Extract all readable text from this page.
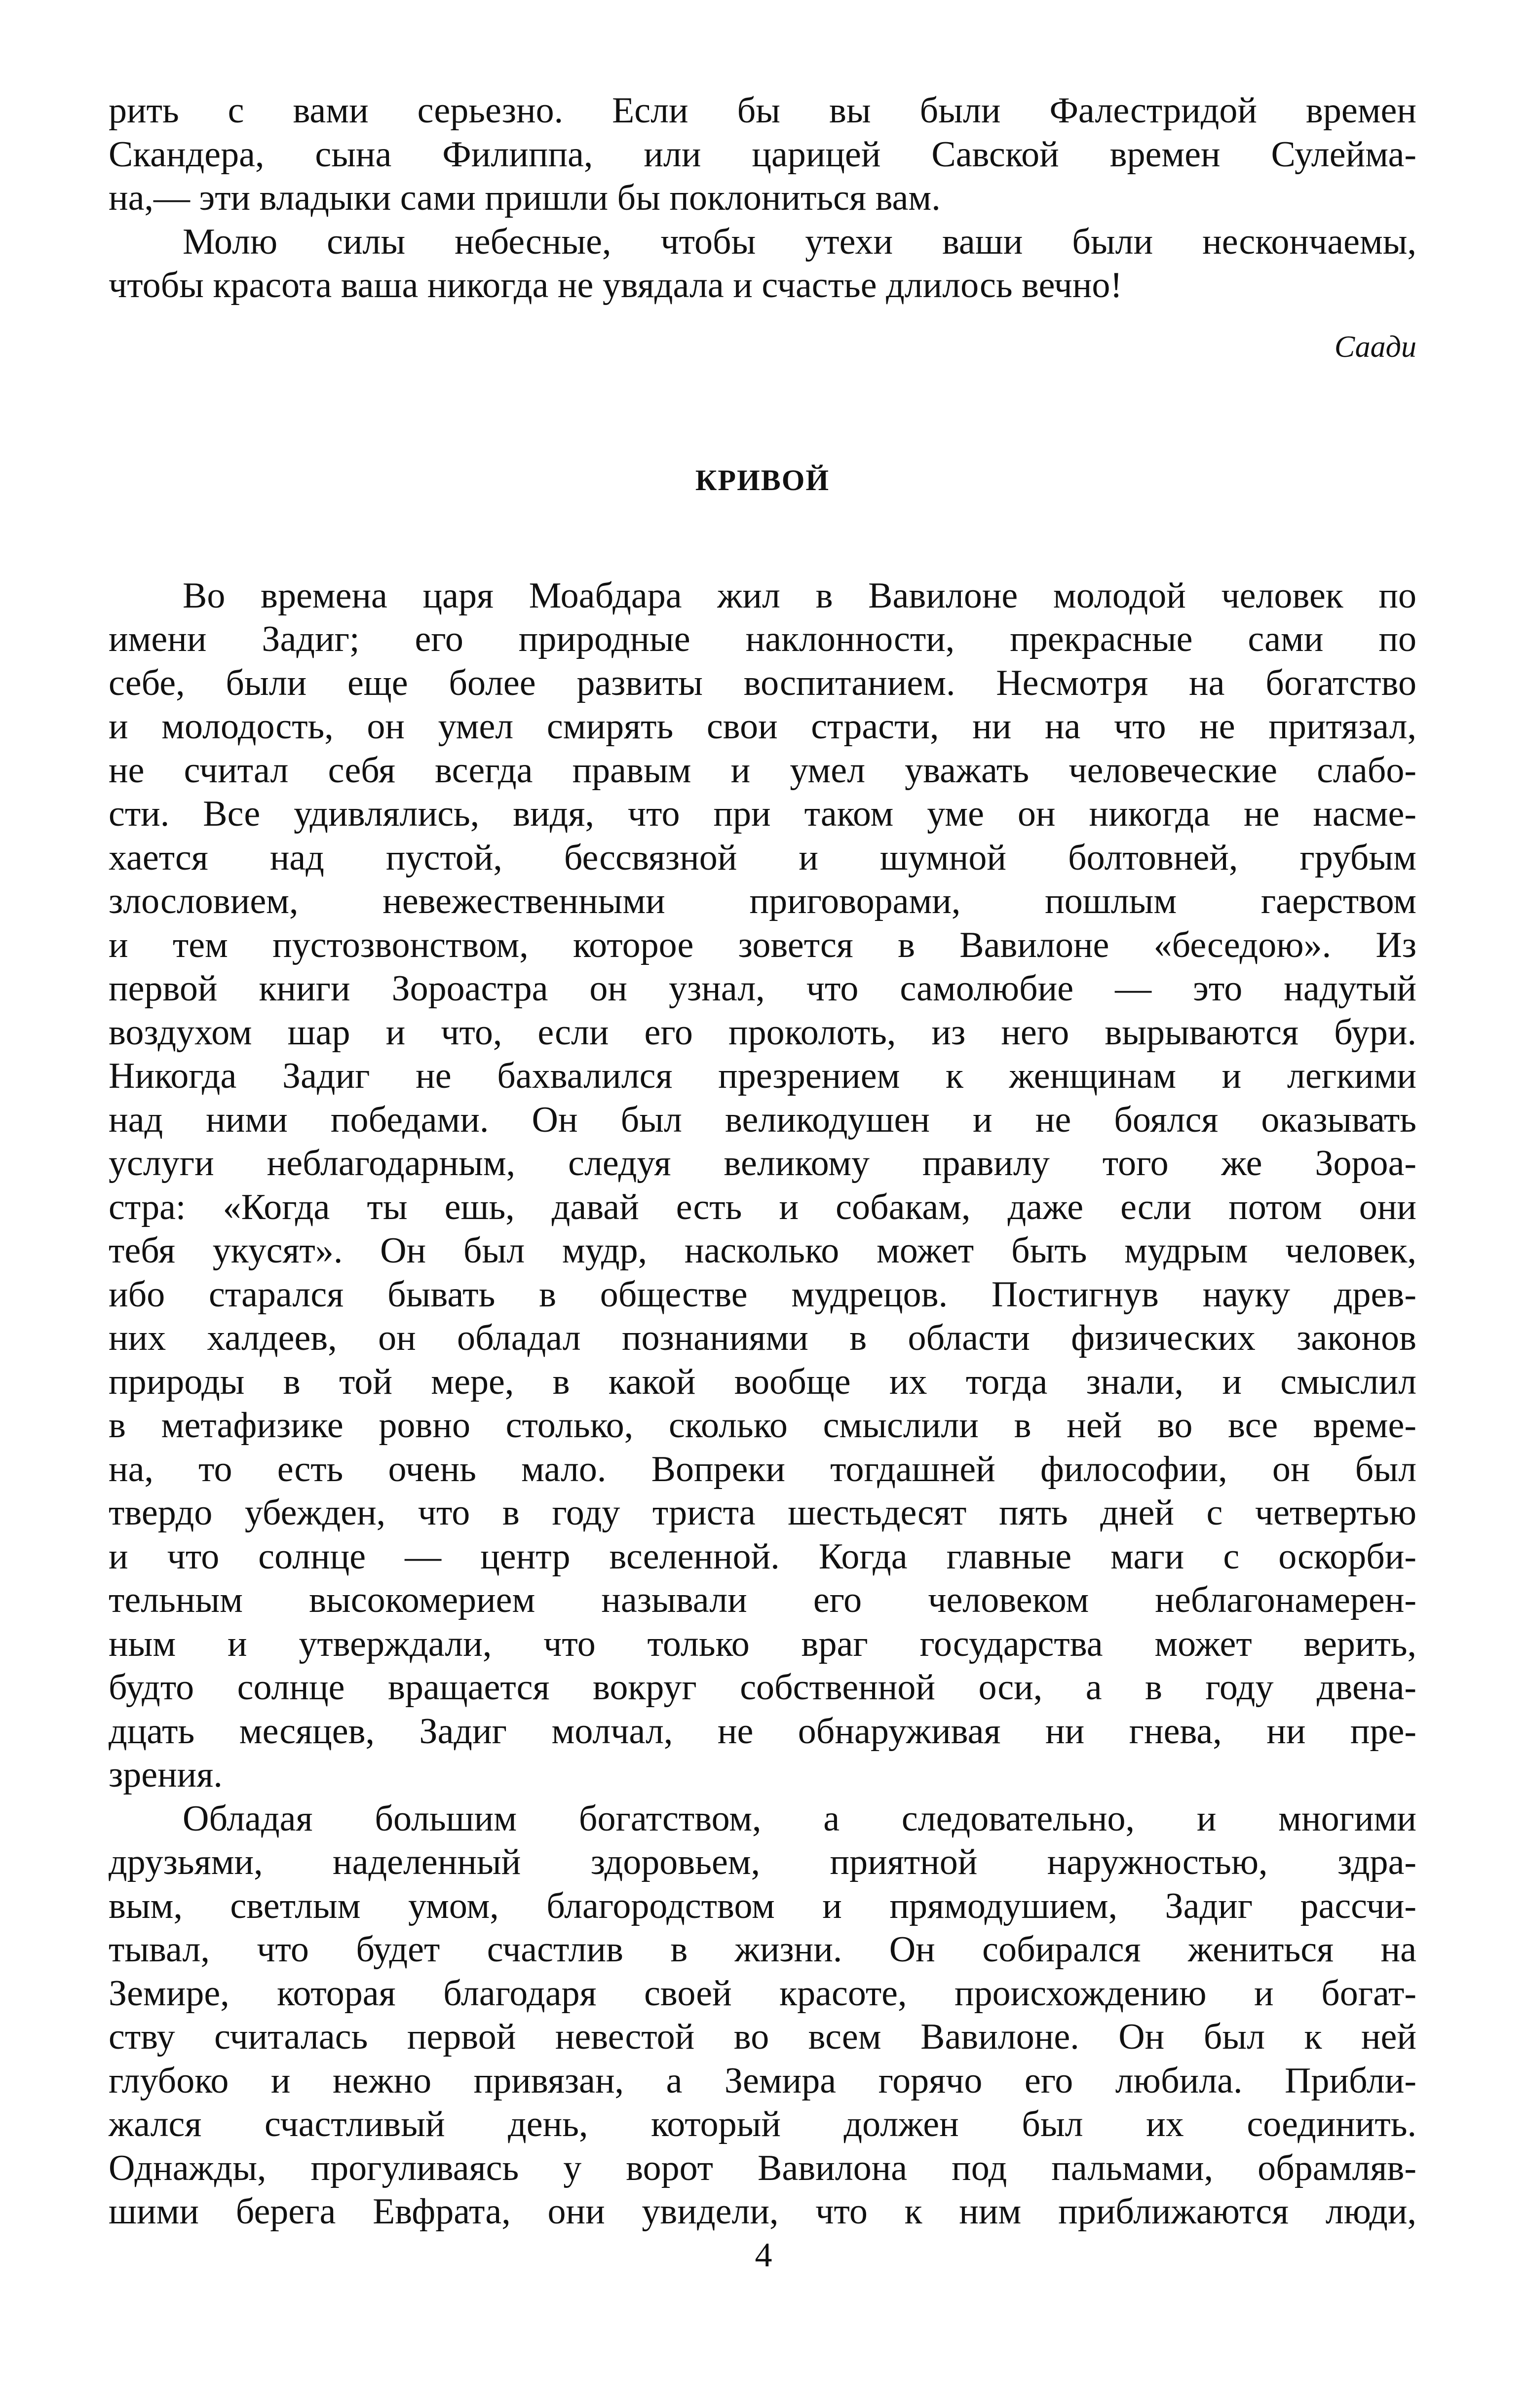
рить с вами серьезно. Если бы вы были Фалестридой времен
Скандера, сына Филиппа, или царицей Савской времен Сулейма-
на,— эти владыки сами пришли бы поклониться вам.
Молю силы небесные, чтобы утехи ваши были нескончаемы,
чтобы красота ваша никогда не увядала и счастье длилось вечно!
Саади
КРИВОЙ
Во времена царя Моабдара жил в Вавилоне молодой человек по
имени Задиг; его природные наклонности, прекрасные сами по
себе, были еще более развиты воспитанием. Несмотря на богатство
и молодость, он умел смирять свои страсти, ни на что не притязал,
не считал себя всегда правым и умел уважать человеческие слабо-
сти. Все удивлялись, видя, что при таком уме он никогда не насме-
хается над пустой, бессвязной и шумной болтовней, грубым
злословием, невежественными приговорами, пошлым гаерством
и тем пустозвонством, которое зовется в Вавилоне «беседою». Из
первой книги Зороастра он узнал, что самолюбие — это надутый
воздухом шар и что, если его проколоть, из него вырываются бури.
Никогда Задиг не бахвалился презрением к женщинам и легкими
над ними победами. Он был великодушен и не боялся оказывать
услуги неблагодарным, следуя великому правилу того же Зороа-
стра: «Когда ты ешь, давай есть и собакам, даже если потом они
тебя укусят». Он был мудр, насколько может быть мудрым человек,
ибо старался бывать в обществе мудрецов. Постигнув науку древ-
них халдеев, он обладал познаниями в области физических законов
природы в той мере, в какой вообще их тогда знали, и смыслил
в метафизике ровно столько, сколько смыслили в ней во все време-
на, то есть очень мало. Вопреки тогдашней философии, он был
твердо убежден, что в году триста шестьдесят пять дней с четвертью
и что солнце — центр вселенной. Когда главные маги с оскорби-
тельным высокомерием называли его человеком неблагонамерен-
ным и утверждали, что только враг государства может верить,
будто солнце вращается вокруг собственной оси, а в году двена-
дцать месяцев, Задиг молчал, не обнаруживая ни гнева, ни пре-
зрения.
Обладая большим богатством, а следовательно, и многими
друзьями, наделенный здоровьем, приятной наружностью, здра-
вым, светлым умом, благородством и прямодушием, Задиг рассчи-
тывал, что будет счастлив в жизни. Он собирался жениться на
Земире, которая благодаря своей красоте, происхождению и богат-
ству считалась первой невестой во всем Вавилоне. Он был к ней
глубоко и нежно привязан, а Земира горячо его любила. Прибли-
жался счастливый день, который должен был их соединить.
Однажды, прогуливаясь у ворот Вавилона под пальмами, обрамляв-
шими берега Евфрата, они увидели, что к ним приближаются люди,
4
